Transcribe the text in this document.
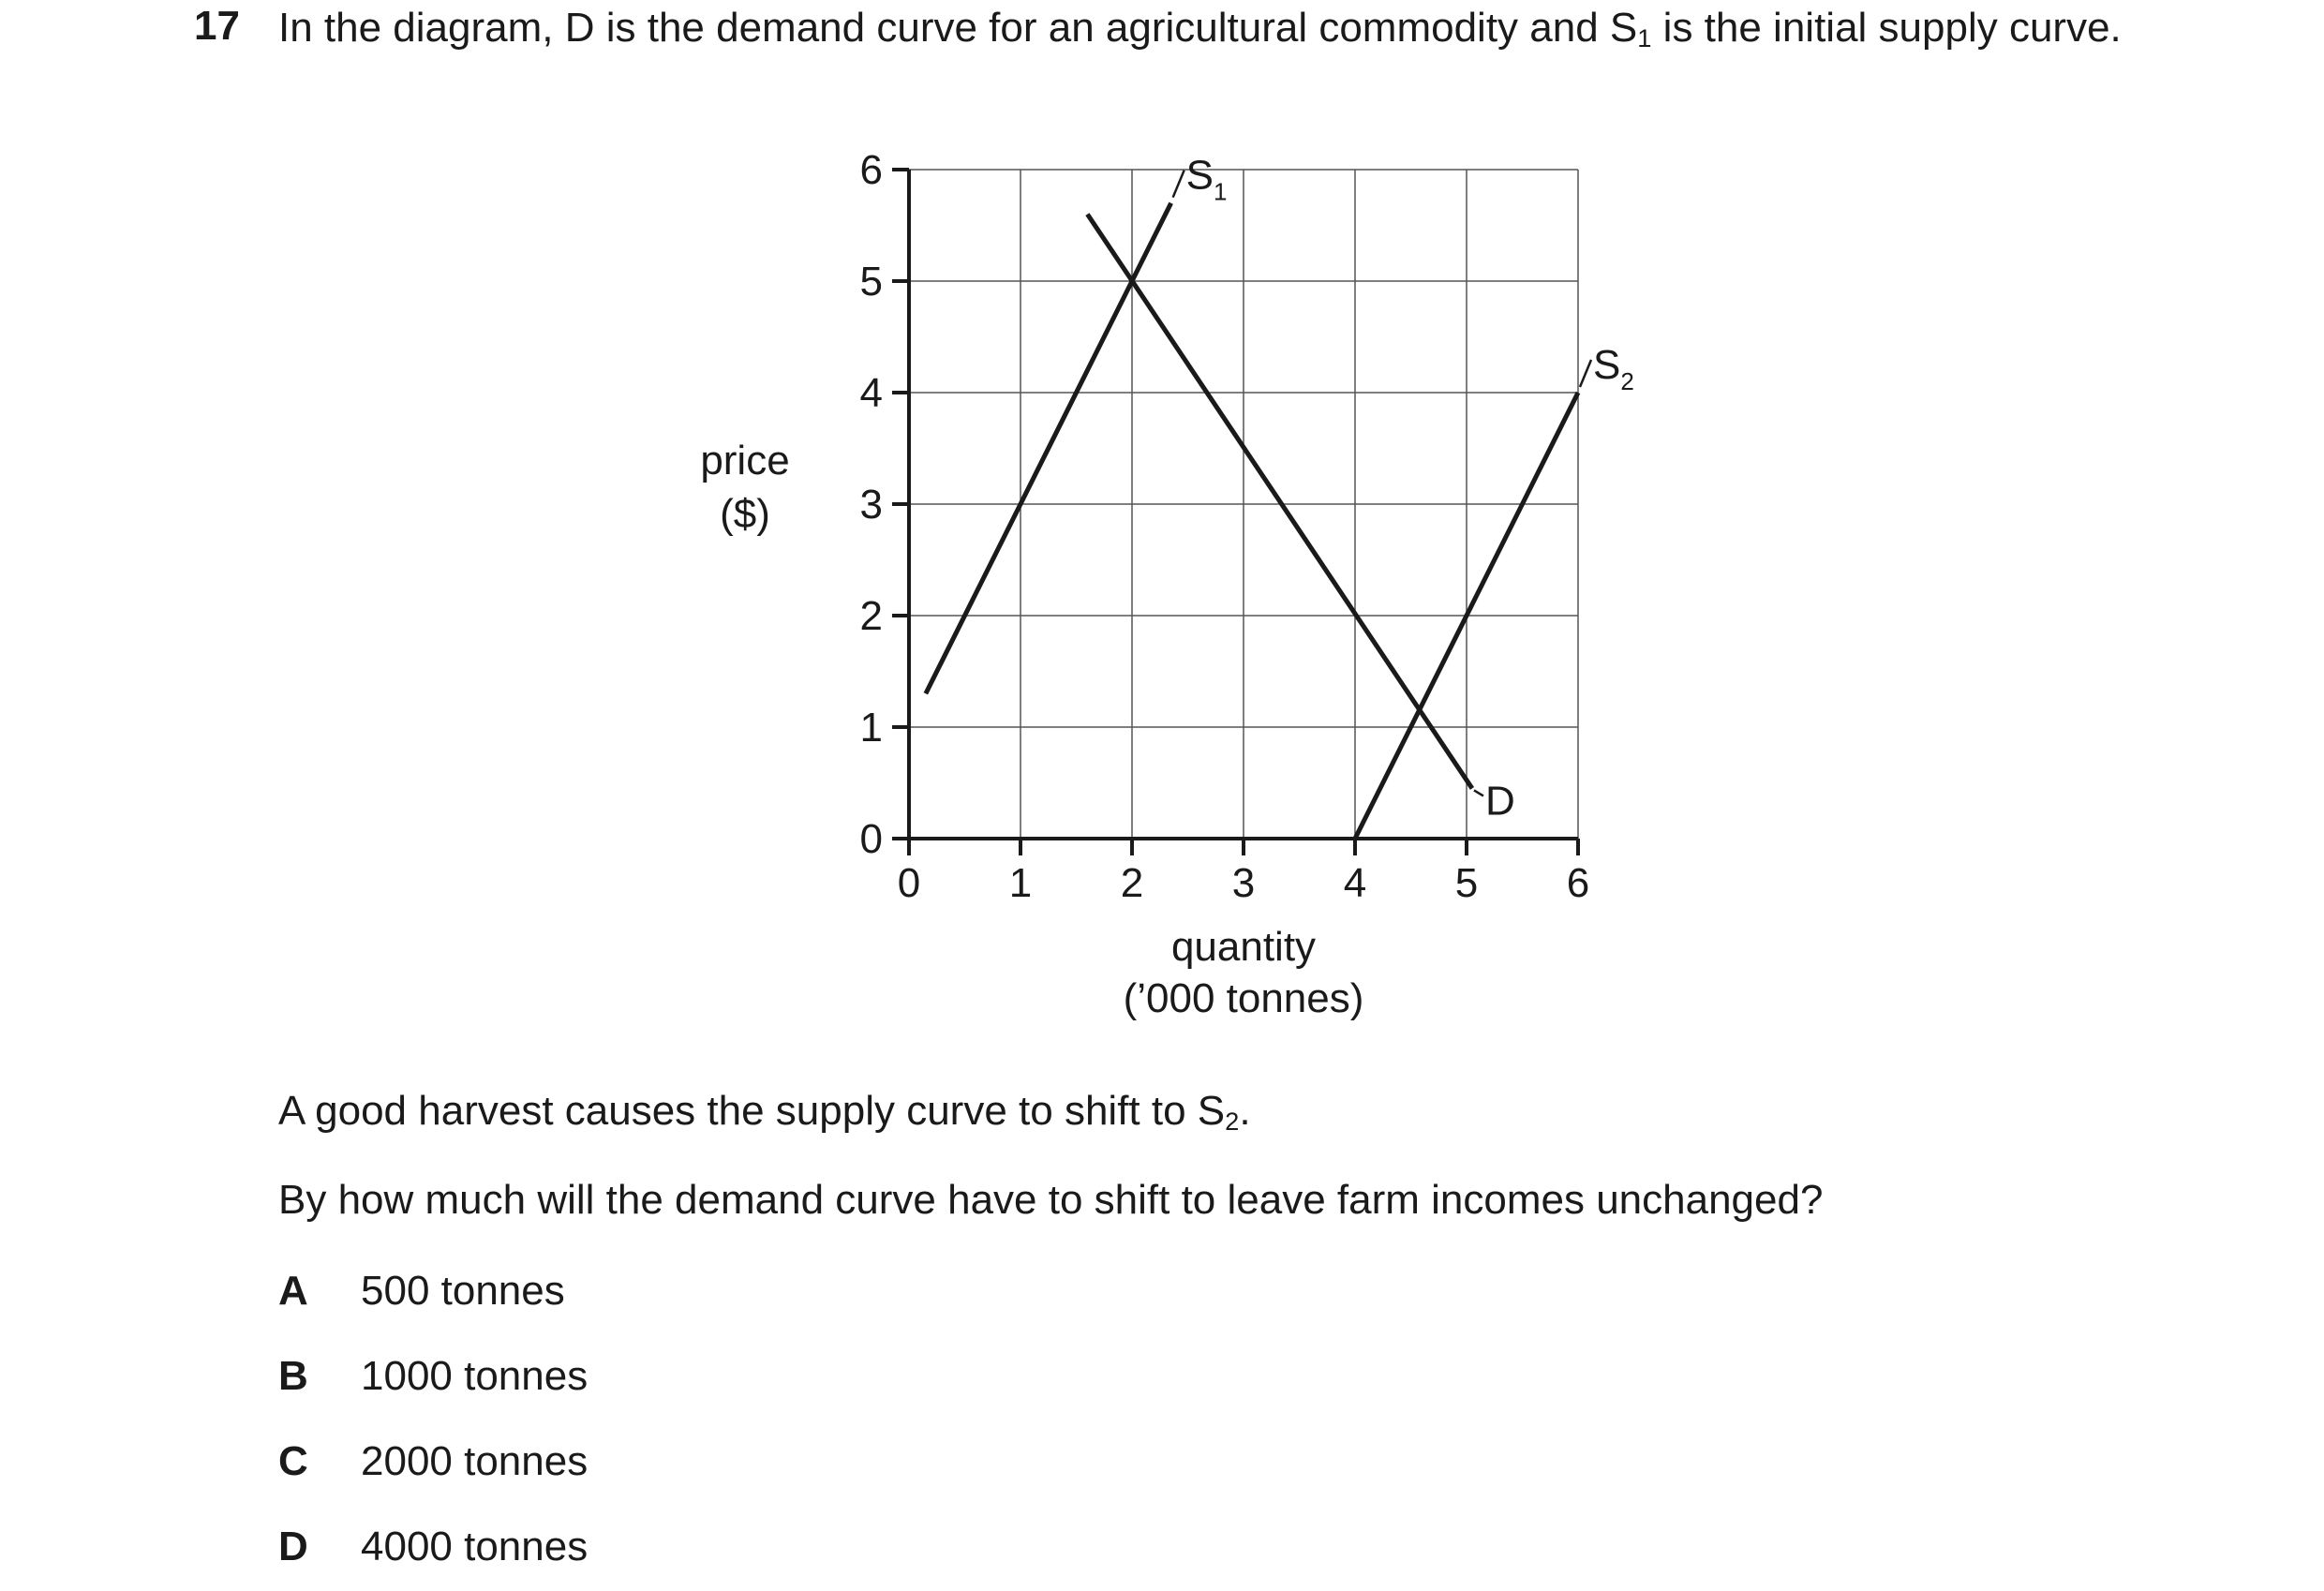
17 In the diagram, D is the demand curve for an agricultural commodity and S1 is the initial supply curve.
0
1
2
3
4
5
6
0 1 2 3 4 5 6
quantity
(’000 tonnes)
price
($)
$S_1$
D
$S_2$
A good harvest causes the supply curve to shift to S2.
By how much will the demand curve have to shift to leave farm incomes unchanged?
A 500 tonnes
B 1000 tonnes
C 2000 tonnes
D 4000 tonnes
